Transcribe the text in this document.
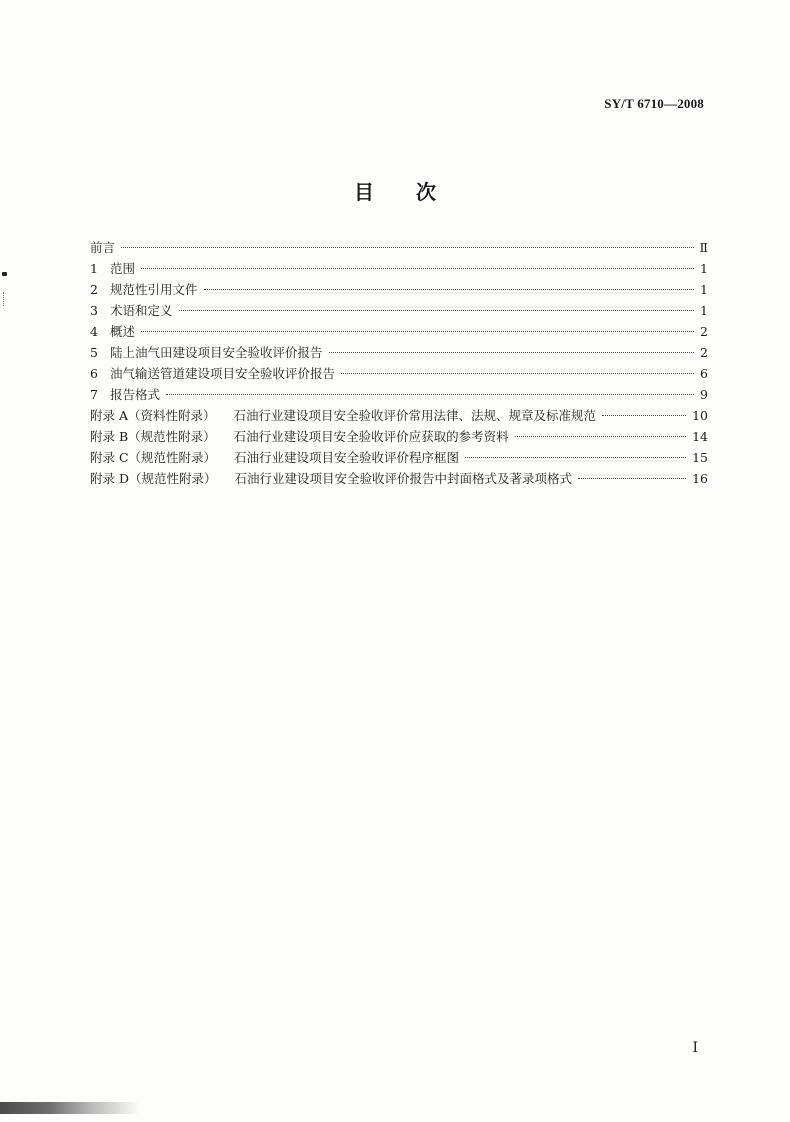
SY/T 6710—2008
目 次
前言	Ⅱ
1 范围	1
2 规范性引用文件	1
3 术语和定义	1
4 概述	2
5 陆上油气田建设项目安全验收评价报告	2
6 油气输送管道建设项目安全验收评价报告	6
7 报告格式	9
附录 A（资料性附录） 石油行业建设项目安全验收评价常用法律、法规、规章及标准规范	10
附录 B（规范性附录） 石油行业建设项目安全验收评价应获取的参考资料	14
附录 C（规范性附录） 石油行业建设项目安全验收评价程序框图	15
附录 D（规范性附录） 石油行业建设项目安全验收评价报告中封面格式及著录项格式	16
I
